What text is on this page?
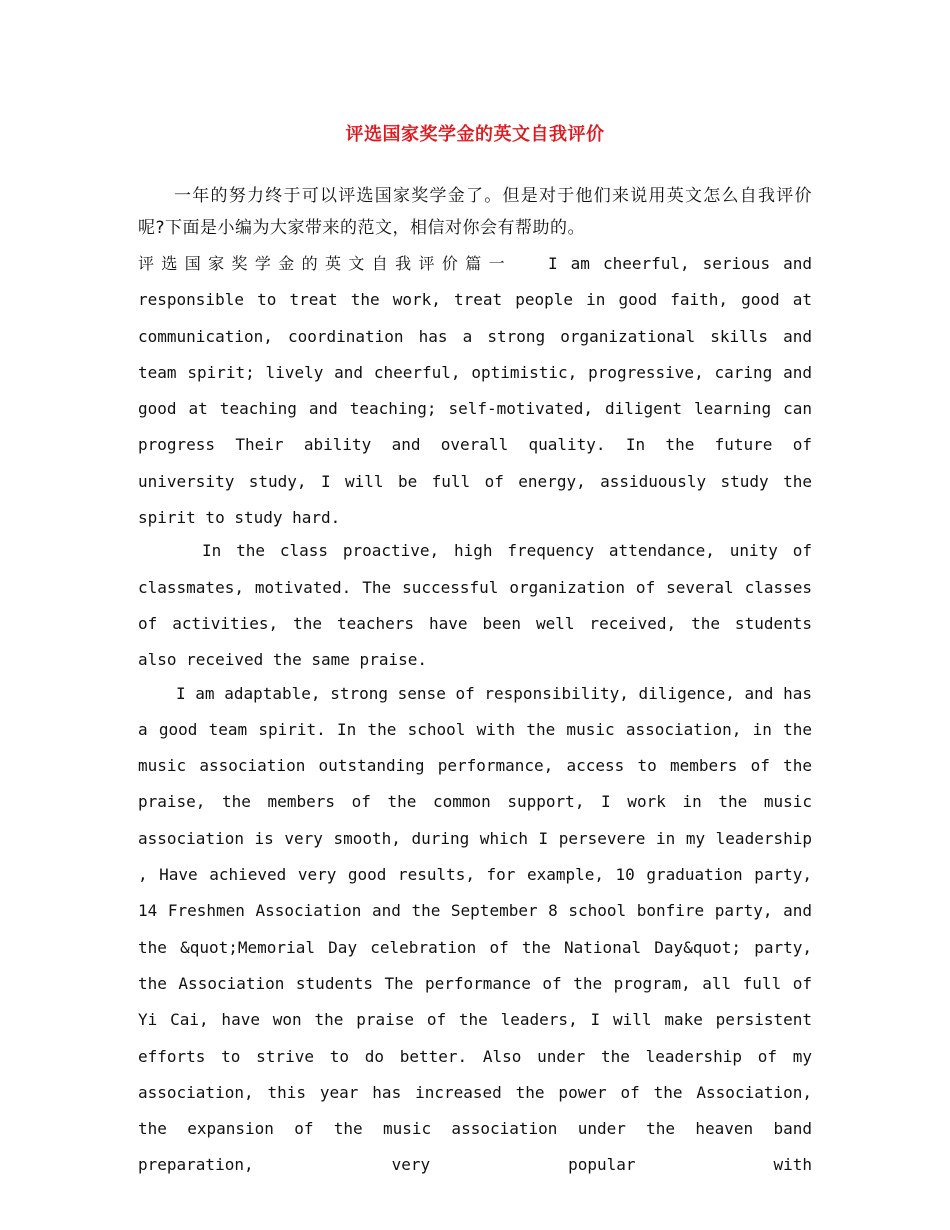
评选国家奖学金的英文自我评价

一年的努力终于可以评选国家奖学金了。但是对于他们来说用英文怎么自我评价呢?下面是小编为大家带来的范文，相信对你会有帮助的。

评选国家奖学金的英文自我评价篇一 I am cheerful, serious and responsible to treat the work, treat people in good faith, good at communication, coordination has a strong organizational skills and team spirit; lively and cheerful, optimistic, progressive, caring and good at teaching and teaching; self-motivated, diligent learning can progress Their ability and overall quality. In the future of university study, I will be full of energy, assiduously study the spirit to study hard.

In the class proactive, high frequency attendance, unity of classmates, motivated. The successful organization of several classes of activities, the teachers have been well received, the students also received the same praise.

I am adaptable, strong sense of responsibility, diligence, and has a good team spirit. In the school with the music association, in the music association outstanding performance, access to members of the praise, the members of the common support, I work in the music association is very smooth, during which I persevere in my leadership , Have achieved very good results, for example, 10 graduation party, 14 Freshmen Association and the September 8 school bonfire party, and the &quot;Memorial Day celebration of the National Day&quot; party, the Association students The performance of the program, all full of Yi Cai, have won the praise of the leaders, I will make persistent efforts to strive to do better. Also under the leadership of my association, this year has increased the power of the Association, the expansion of the music association under the heaven band preparation, very popular with
